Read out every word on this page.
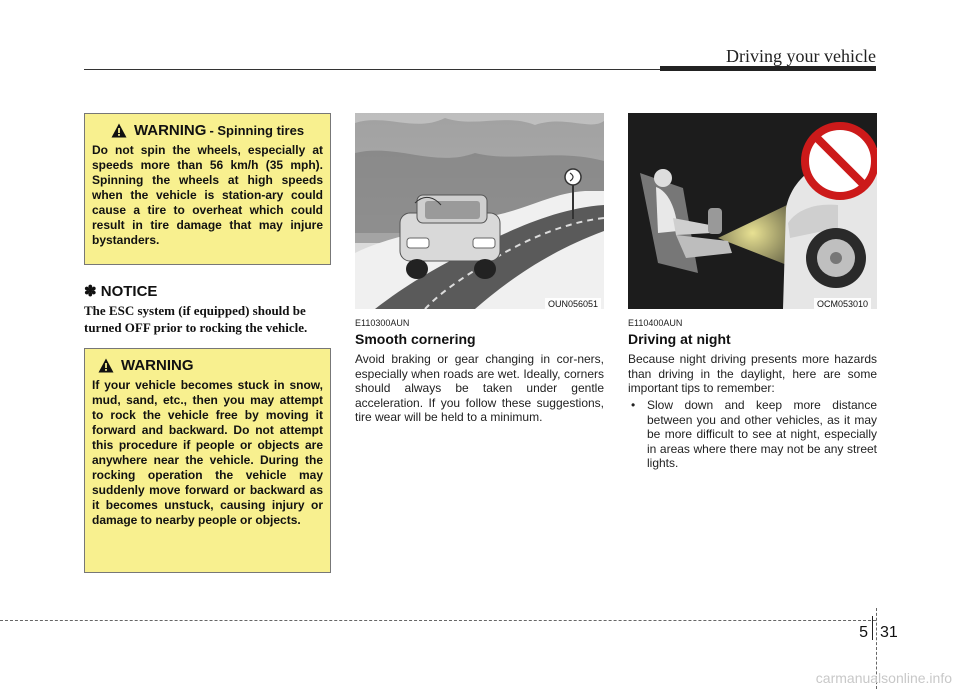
Driving your vehicle
WARNING - Spinning tires
Do not spin the wheels, especially at speeds more than 56 km/h (35 mph). Spinning the wheels at high speeds when the vehicle is station-ary could cause a tire to overheat which could result in tire damage that may injure bystanders.
✽ NOTICE
The ESC system (if equipped) should be turned OFF prior to rocking the vehicle.
WARNING
If your vehicle becomes stuck in snow, mud, sand, etc., then you may attempt to rock the vehicle free by moving it forward and backward. Do not attempt this procedure if people or objects are anywhere near the vehicle. During the rocking operation the vehicle may suddenly move forward or backward as it becomes unstuck, causing injury or damage to nearby people or objects.
OUN056051	OCM053010
E110300AUN
Smooth cornering
Avoid braking or gear changing in cor-ners, especially when roads are wet. Ideally, corners should always be taken under gentle acceleration. If you follow these suggestions, tire wear will be held to a minimum.
E110400AUN
Driving at night
Because night driving presents more hazards than driving in the daylight, here are some important tips to remember:
• Slow down and keep more distance between you and other vehicles, as it may be more difficult to see at night, especially in areas where there may not be any street lights.
5 31
carmanualsonline.info
